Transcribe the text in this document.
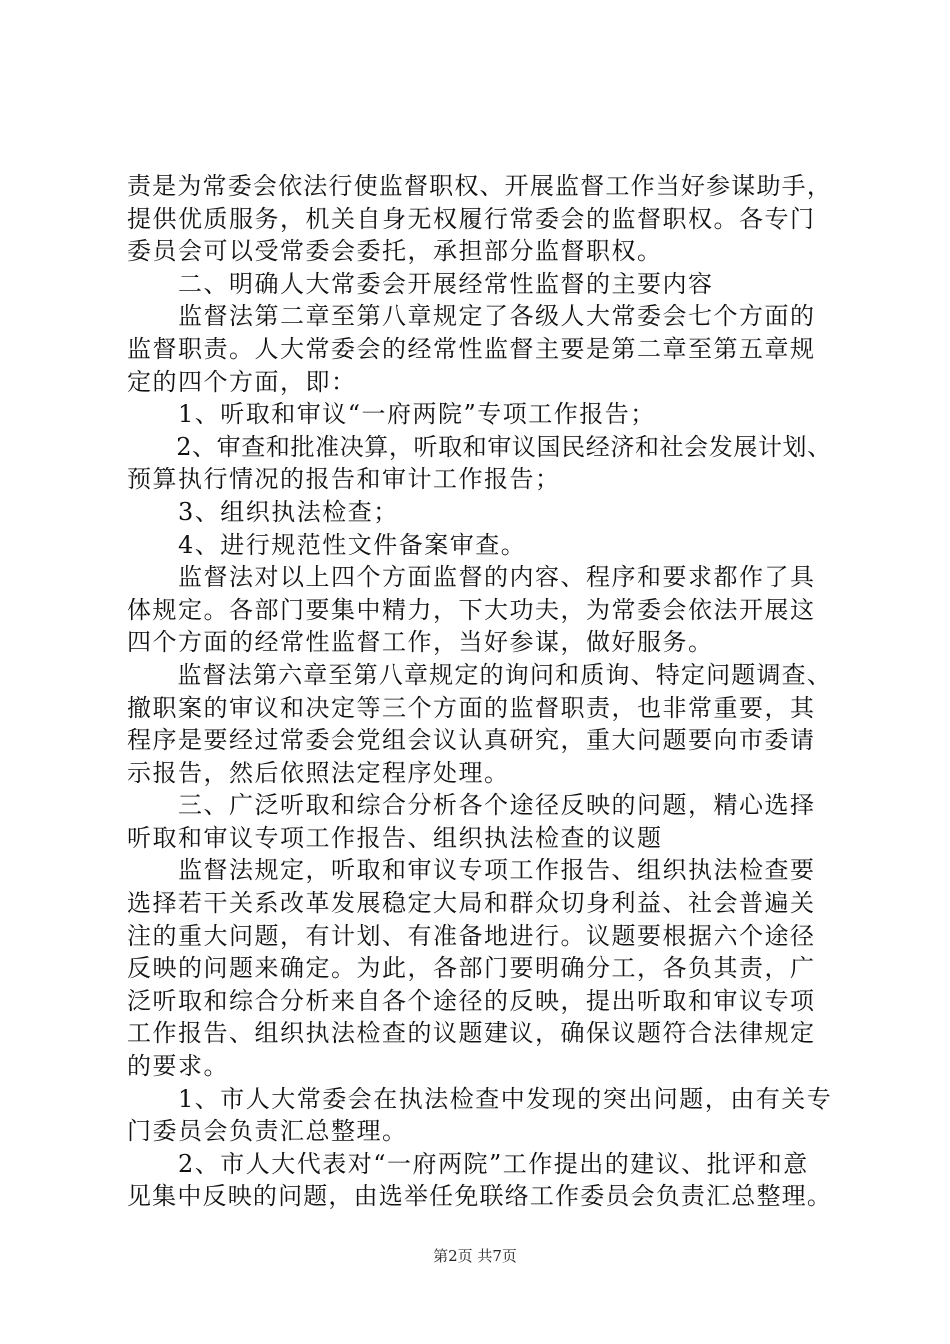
责是为常委会依法行使监督职权、开展监督工作当好参谋助手，
提供优质服务，机关自身无权履行常委会的监督职权。各专门
委员会可以受常委会委托，承担部分监督职权。
　　二、明确人大常委会开展经常性监督的主要内容
　　监督法第二章至第八章规定了各级人大常委会七个方面的
监督职责。人大常委会的经常性监督主要是第二章至第五章规
定的四个方面，即：
　　1、听取和审议“一府两院”专项工作报告；
　　2、审查和批准决算，听取和审议国民经济和社会发展计划、
预算执行情况的报告和审计工作报告；
　　3、组织执法检查；
　　4、进行规范性文件备案审查。
　　监督法对以上四个方面监督的内容、程序和要求都作了具
体规定。各部门要集中精力，下大功夫，为常委会依法开展这
四个方面的经常性监督工作，当好参谋，做好服务。
　　监督法第六章至第八章规定的询问和质询、特定问题调查、
撤职案的审议和决定等三个方面的监督职责，也非常重要，其
程序是要经过常委会党组会议认真研究，重大问题要向市委请
示报告，然后依照法定程序处理。
　　三、广泛听取和综合分析各个途径反映的问题，精心选择
听取和审议专项工作报告、组织执法检查的议题
　　监督法规定，听取和审议专项工作报告、组织执法检查要
选择若干关系改革发展稳定大局和群众切身利益、社会普遍关
注的重大问题，有计划、有准备地进行。议题要根据六个途径
反映的问题来确定。为此，各部门要明确分工，各负其责，广
泛听取和综合分析来自各个途径的反映，提出听取和审议专项
工作报告、组织执法检查的议题建议，确保议题符合法律规定
的要求。
　　1、市人大常委会在执法检查中发现的突出问题，由有关专
门委员会负责汇总整理。
　　2、市人大代表对“一府两院”工作提出的建议、批评和意
见集中反映的问题，由选举任免联络工作委员会负责汇总整理。
第2页 共7页
